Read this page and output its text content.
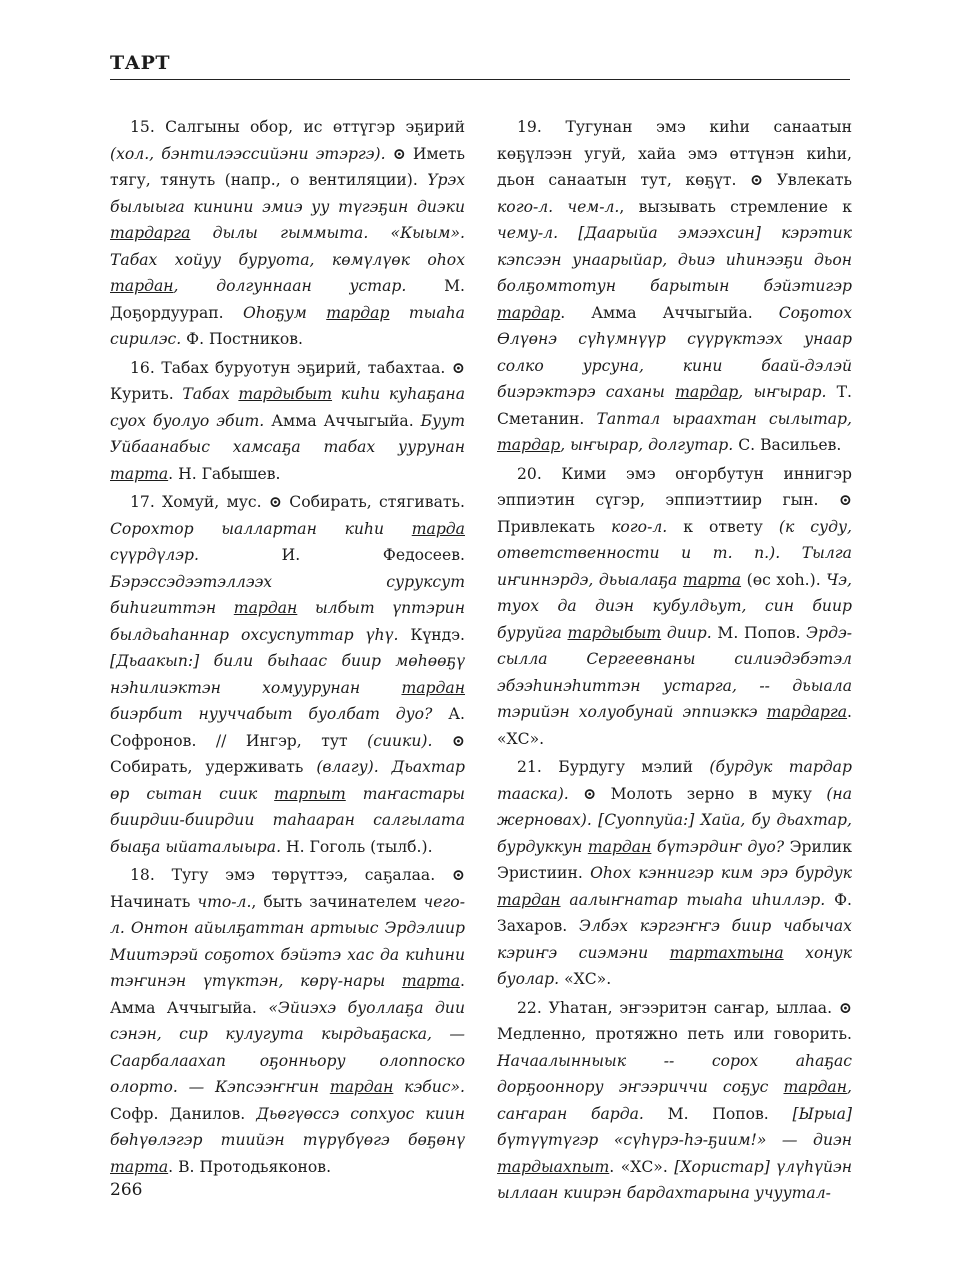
ТАРТ

15. Салгыны обор, ис өттүгэр эҕирий (хол., бэнтилээссийэни этэргэ). ⊙ Иметь тягу, тянуть (напр., о вентиляции). Үрэх былыыга кинини эмиэ уу түгэҕин диэки тардарга дылы гыммыта. «Кыым». Табах хойуу буруота, көмүлүөк оһох тардан, долгуннаан устар. М. Доҕордуурап. Оһоҕум тардар тыаһа сирилэс. Ф. Постников.

16. Табах буруотун эҕирий, табахтаа. ⊙ Курить. Табах тардыбыт киһи куһаҕана суох буолуо эбит. Амма Аччыгыйа. Буут Уйбаанабыс хамсаҕа табах уурунан тарта. Н. Габышев.

17. Хомуй, мус. ⊙ Собирать, стягивать. Сорохтор ыаллартан киһи тарда сүүрдүлэр.	И. Федосеев. Бэрэссэдээтэллээх суруксут биһигиттэн тардан ылбыт үптэрин былдьаһаннар охсуспуттар үһү. Күндэ. [Дьаакып:] били быһаас биир мөһөөҕү нэһилиэктэн хомуурунан	тардан биэрбит нууччабыт буолбат дуо? А. Софронов. // Ингэр, тут (сиики). ⊙ Собирать, удерживать (влагу). Дьахтар өр сытан сиик тарпыт таҥастары биирдии-биирдии таһааран салгылата быаҕа ыйаталыыра. Н. Гоголь (тылб.).

18. Тугу эмэ төрүттээ, саҕалаа. ⊙ Начинать что-л., быть зачинателем чего-л. Онтон айылҕаттан артыыс Эрдэлиир Миитэрэй соҕотох бэйэтэ хас да киһини тэҥинэн үтүктэн, көрү-нары тарта. Амма Аччыгыйа. «Эйиэхэ буоллаҕа дии сэнэн, сир кулугута кырдьаҕаска, — Саарбалаахап оҕонньору олоппоско олорто. — Кэпсээҥҥин тардан кэбис». Софр. Данилов. Дьөгүөссэ сопхуос киин бөһүөлэгэр тиийэн түрүбүөгэ бөҕөнү тарта. В. Протодьяконов.

19. Тугунан эмэ киһи санаатын көҕүлээн угуй, хайа эмэ өттүнэн киһи, дьон санаатын тут, көҕүт. ⊙ Увлекать кого-л. чем-л., вызывать стремление к чему-л. [Даарыйа эмээхсин] кэрэтик кэпсээн унаарыйар, дьиэ иһинээҕи дьон болҕомтотун барытын бэйэтигэр тардар. Амма Аччыгыйа. Соҕотох Өлүөнэ сүһүмнүүр сүүрүктээх унаар солко урсуна, кини баай-дэлэй биэрэктэрэ саханы тардар, ыҥырар. Т. Сметанин. Таптал ыраахтан сылытар, тардар, ыҥырар, долгутар. С. Васильев.

20. Кими эмэ оҥорбутун иннигэр эппиэтин сүгэр, эппиэттиир гын. ⊙ Привлекать кого-л. к ответу (к суду, ответственности и т. п.). Тылга иҥиннэрдэ, дьыалаҕа тарта (өс хоһ.). Чэ, туох да диэн кубулдьут, син биир буруйга тардыбыт диир. М. Попов. Эрдэ-сылла Сергеевнаны силиэдэбэтэл эбээһинэһиттэн устарга, -- дьыала тэрийэн холуобунай эппиэккэ тардарга. «ХС».

21. Бурдугу мэлий (бурдук тардар тааска). ⊙ Молоть зерно в муку (на жерновах). [Суоппуйа:] Хайа, бу дьахтар, бурдуккун тардан бүтэрдиҥ дуо? Эрилик Эристиин. Оһох кэннигэр ким эрэ бурдук тардан аалыҥнатар тыаһа иһиллэр. Ф. Захаров. Элбэх кэргэҥҥэ биир чабычах кэриҥэ сиэмэни тартахтына хонук буолар. «ХС».

22. Уһатан, эҥээритэн саҥар, ыллаа. ⊙ Медленно, протяжно петь или говорить. Начаалынныык -- сорох аһаҕас дорҕооннору эҥээриччи соҕус тардан, саҥаран барда. М. Попов. [Ырыа] бүтүүтүгэр «сүһүрэ-һэ-ҕиим!» — диэн тардыахпыт. «ХС». [Хористар] үлүһүйэн ыллаан киирэн бардахтарына учуутал-

266
